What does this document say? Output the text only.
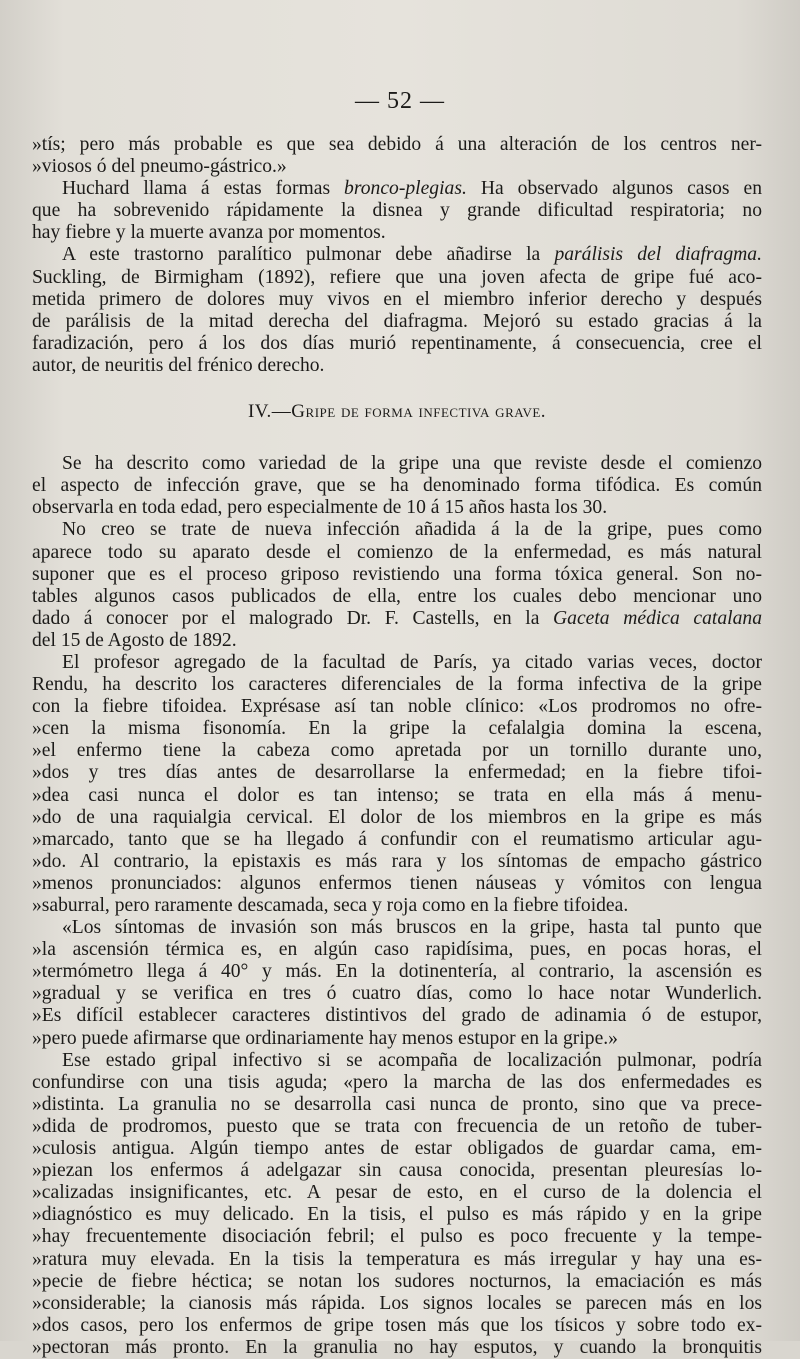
— 52 —
»tís; pero más probable es que sea debido á una alteración de los centros ner-
»viosos ó del pneumo-gástrico.»
Huchard llama á estas formas bronco-plegias. Ha observado algunos casos en
que ha sobrevenido rápidamente la disnea y grande dificultad respiratoria; no
hay fiebre y la muerte avanza por momentos.
A este trastorno paralítico pulmonar debe añadirse la parálisis del diafragma.
Suckling, de Birmigham (1892), refiere que una joven afecta de gripe fué aco-
metida primero de dolores muy vivos en el miembro inferior derecho y después
de parálisis de la mitad derecha del diafragma. Mejoró su estado gracias á la
faradización, pero á los dos días murió repentinamente, á consecuencia, cree el
autor, de neuritis del frénico derecho.
IV.—Gripe de forma infectiva grave.
Se ha descrito como variedad de la gripe una que reviste desde el comienzo
el aspecto de infección grave, que se ha denominado forma tifódica. Es común
observarla en toda edad, pero especialmente de 10 á 15 años hasta los 30.
No creo se trate de nueva infección añadida á la de la gripe, pues como
aparece todo su aparato desde el comienzo de la enfermedad, es más natural
suponer que es el proceso griposo revistiendo una forma tóxica general. Son no-
tables algunos casos publicados de ella, entre los cuales debo mencionar uno
dado á conocer por el malogrado Dr. F. Castells, en la Gaceta médica catalana
del 15 de Agosto de 1892.
El profesor agregado de la facultad de París, ya citado varias veces, doctor
Rendu, ha descrito los caracteres diferenciales de la forma infectiva de la gripe
con la fiebre tifoidea. Exprésase así tan noble clínico: «Los prodromos no ofre-
»cen la misma fisonomía. En la gripe la cefalalgia domina la escena,
»el enfermo tiene la cabeza como apretada por un tornillo durante uno,
»dos y tres días antes de desarrollarse la enfermedad; en la fiebre tifoi-
»dea casi nunca el dolor es tan intenso; se trata en ella más á menu-
»do de una raquialgia cervical. El dolor de los miembros en la gripe es más
»marcado, tanto que se ha llegado á confundir con el reumatismo articular agu-
»do. Al contrario, la epistaxis es más rara y los síntomas de empacho gástrico
»menos pronunciados: algunos enfermos tienen náuseas y vómitos con lengua
»saburral, pero raramente descamada, seca y roja como en la fiebre tifoidea.
«Los síntomas de invasión son más bruscos en la gripe, hasta tal punto que
»la ascensión térmica es, en algún caso rapidísima, pues, en pocas horas, el
»termómetro llega á 40° y más. En la dotinentería, al contrario, la ascensión es
»gradual y se verifica en tres ó cuatro días, como lo hace notar Wunderlich.
»Es difícil establecer caracteres distintivos del grado de adinamia ó de estupor,
»pero puede afirmarse que ordinariamente hay menos estupor en la gripe.»
Ese estado gripal infectivo si se acompaña de localización pulmonar, podría
confundirse con una tisis aguda; «pero la marcha de las dos enfermedades es
»distinta. La granulia no se desarrolla casi nunca de pronto, sino que va prece-
»dida de prodromos, puesto que se trata con frecuencia de un retoño de tuber-
»culosis antigua. Algún tiempo antes de estar obligados de guardar cama, em-
»piezan los enfermos á adelgazar sin causa conocida, presentan pleuresías lo-
»calizadas insignificantes, etc. A pesar de esto, en el curso de la dolencia el
»diagnóstico es muy delicado. En la tisis, el pulso es más rápido y en la gripe
»hay frecuentemente disociación febril; el pulso es poco frecuente y la tempe-
»ratura muy elevada. En la tisis la temperatura es más irregular y hay una es-
»pecie de fiebre héctica; se notan los sudores nocturnos, la emaciación es más
»considerable; la cianosis más rápida. Los signos locales se parecen más en los
»dos casos, pero los enfermos de gripe tosen más que los tísicos y sobre todo ex-
»pectoran más pronto. En la granulia no hay esputos, y cuando la bronquitis
